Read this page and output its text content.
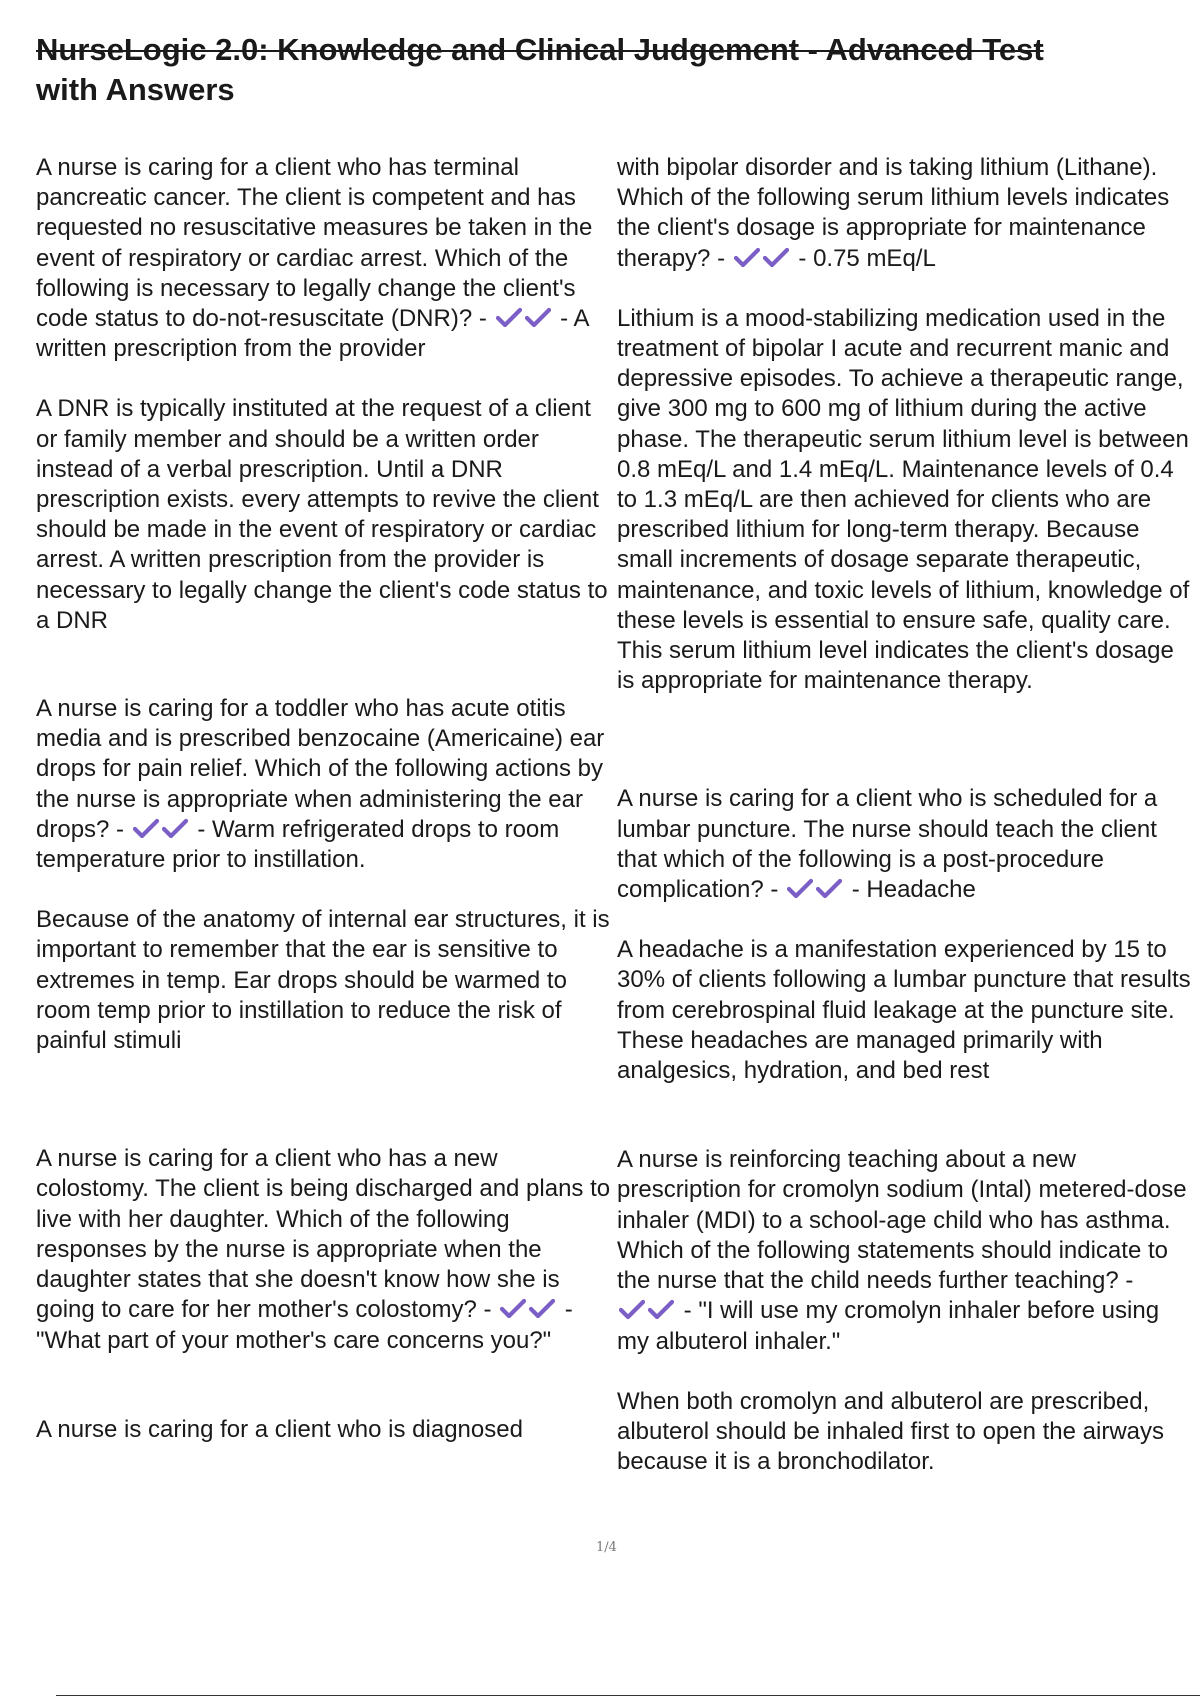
NurseLogic 2.0: Knowledge and Clinical Judgement - Advanced Test
with Answers

A nurse is caring for a client who has terminal pancreatic cancer. The client is competent and has requested no resuscitative measures be taken in the event of respiratory or cardiac arrest. Which of the following is necessary to legally change the client's code status to do-not-resuscitate (DNR)? -	- A written prescription from the provider

A DNR is typically instituted at the request of a client or family member and should be a written order instead of a verbal prescription. Until a DNR prescription exists. every attempts to revive the client should be made in the event of respiratory or cardiac arrest. A written prescription from the provider is necessary to legally change the client's code status to a DNR

A nurse is caring for a toddler who has acute otitis media and is prescribed benzocaine (Americaine) ear drops for pain relief. Which of the following actions by the nurse is appropriate when administering the ear drops? -	- Warm refrigerated drops to room temperature prior to instillation.

Because of the anatomy of internal ear structures, it is important to remember that the ear is sensitive to extremes in temp. Ear drops should be warmed to room temp prior to instillation to reduce the risk of painful stimuli

A nurse is caring for a client who has a new colostomy. The client is being discharged and plans to live with her daughter. Which of the following responses by the nurse is appropriate when the daughter states that she doesn't know how she is going to care for her mother's colostomy? -	- "What part of your mother's care concerns you?"

A nurse is caring for a client who is diagnosed

with bipolar disorder and is taking lithium (Lithane). Which of the following serum lithium levels indicates the client's dosage is appropriate for maintenance therapy? -	- 0.75 mEq/L

Lithium is a mood-stabilizing medication used in the treatment of bipolar I acute and recurrent manic and depressive episodes. To achieve a therapeutic range, give 300 mg to 600 mg of lithium during the active phase. The therapeutic serum lithium level is between 0.8 mEq/L and 1.4 mEq/L. Maintenance levels of 0.4 to 1.3 mEq/L are then achieved for clients who are prescribed lithium for long-term therapy. Because small increments of dosage separate therapeutic, maintenance, and toxic levels of lithium, knowledge of these levels is essential to ensure safe, quality care. This serum lithium level indicates the client's dosage is appropriate for maintenance therapy.

A nurse is caring for a client who is scheduled for a lumbar puncture. The nurse should teach the client that which of the following is a post-procedure complication? -	- Headache

A headache is a manifestation experienced by 15 to 30% of clients following a lumbar puncture that results from cerebrospinal fluid leakage at the puncture site. These headaches are managed primarily with analgesics, hydration, and bed rest

A nurse is reinforcing teaching about a new prescription for cromolyn sodium (Intal) metered-dose inhaler (MDI) to a school-age child who has asthma. Which of the following statements should indicate to the nurse that the child needs further teaching? -
- "I will use my cromolyn inhaler before using my albuterol inhaler."

When both cromolyn and albuterol are prescribed, albuterol should be inhaled first to open the airways because it is a bronchodilator.

1/4
